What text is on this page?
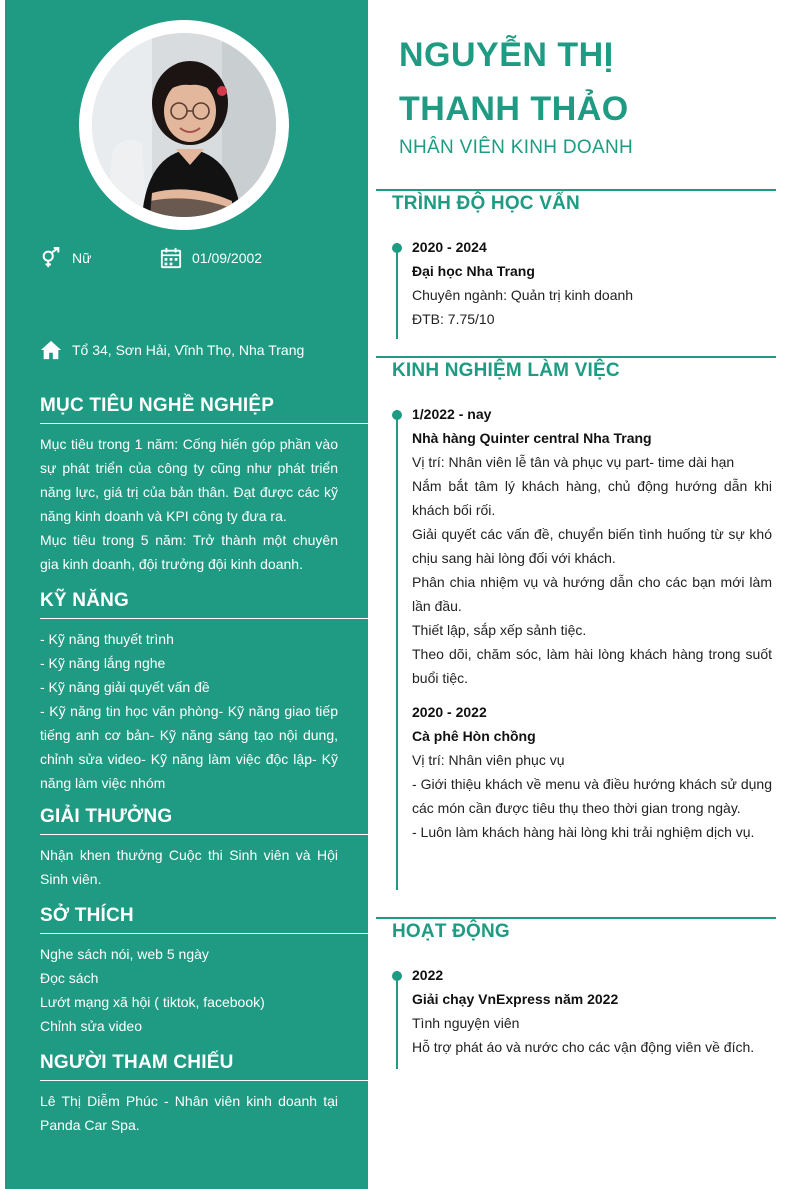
Nữ	01/09/2002
Tổ 34, Sơn Hải, Vĩnh Thọ, Nha Trang
MỤC TIÊU NGHỀ NGHIỆP

Mục tiêu trong 1 năm: Cống hiến góp phần vào sự phát triển của công ty cũng như phát triển năng lực, giá trị của bản thân. Đạt được các kỹ năng kinh doanh và KPI công ty đưa ra.

Mục tiêu trong 5 năm: Trở thành một chuyên gia kinh doanh, đội trưởng đội kinh doanh.

KỸ NĂNG

- Kỹ năng thuyết trình

- Kỹ năng lắng nghe

- Kỹ năng giải quyết vấn đề

- Kỹ năng tin học văn phòng- Kỹ năng giao tiếp tiếng anh cơ bản- Kỹ năng sáng tạo nội dung, chỉnh sửa video- Kỹ năng làm việc độc lập- Kỹ năng làm việc nhóm

GIẢI THƯỞNG

Nhận khen thưởng Cuộc thi Sinh viên và Hội Sinh viên.

SỞ THÍCH

Nghe sách nói, web 5 ngày

Đọc sách

Lướt mạng xã hội ( tiktok, facebook)

Chỉnh sửa video

NGƯỜI THAM CHIẾU

Lê Thị Diễm Phúc - Nhân viên kinh doanh tại Panda Car Spa.

NGUYỄN THỊ
THANH THẢO
NHÂN VIÊN KINH DOANH
TRÌNH ĐỘ HỌC VẤN
2020 - 2024
Đại học Nha Trang

Chuyên ngành: Quản trị kinh doanh

ĐTB: 7.75/10

KINH NGHIỆM LÀM VIỆC
1/2022 - nay
Nhà hàng Quinter central Nha Trang

Vị trí: Nhân viên lễ tân và phục vụ part- time dài hạn

Nắm bắt tâm lý khách hàng, chủ động hướng dẫn khi khách bối rối.

Giải quyết các vấn đề, chuyển biến tình huống từ sự khó chịu sang hài lòng đối với khách.

Phân chia nhiệm vụ và hướng dẫn cho các bạn mới làm lần đầu.

Thiết lập, sắp xếp sảnh tiệc.

Theo dõi, chăm sóc, làm hài lòng khách hàng trong suốt buổi tiệc.

2020 - 2022
Cà phê Hòn chồng

Vị trí: Nhân viên phục vụ

- Giới thiệu khách về menu và điều hướng khách sử dụng các món cần được tiêu thụ theo thời gian trong ngày.

- Luôn làm khách hàng hài lòng khi trải nghiệm dịch vụ.

HOẠT ĐỘNG
2022
Giải chạy VnExpress năm 2022

Tình nguyện viên

Hỗ trợ phát áo và nước cho các vận động viên về đích.
